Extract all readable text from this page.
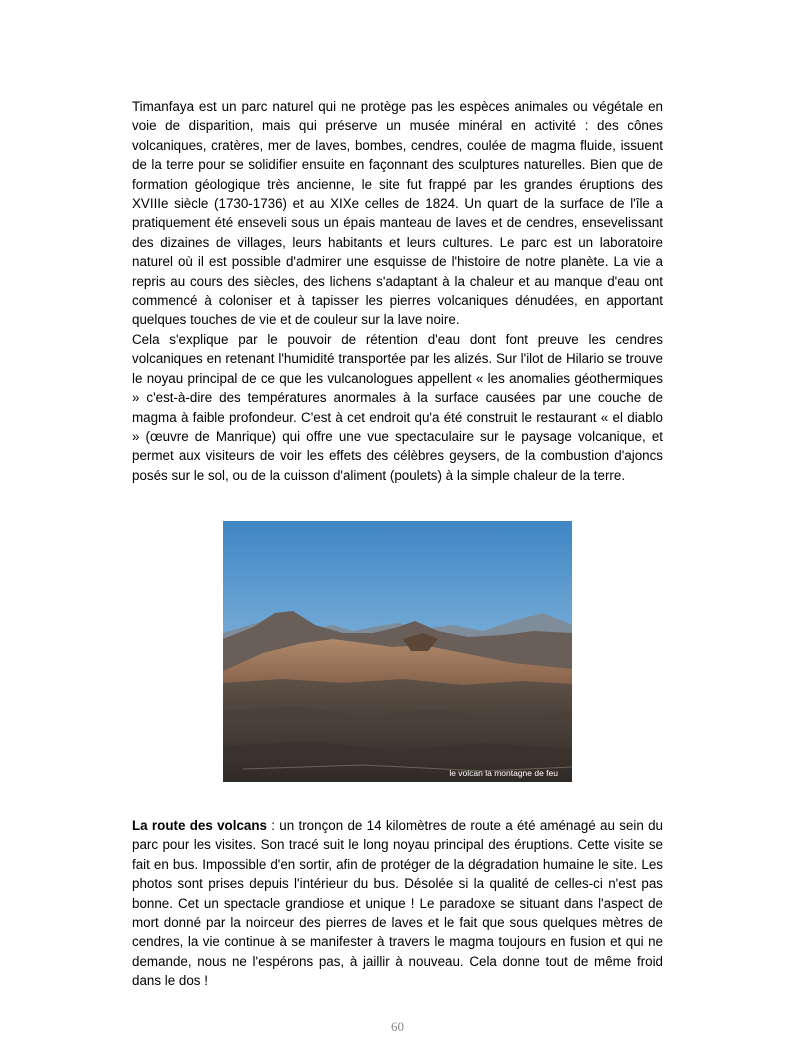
Timanfaya est un parc naturel qui ne protège pas les espèces animales ou végétale en voie de disparition, mais qui préserve un musée minéral en activité : des cônes volcaniques, cratères, mer de laves, bombes, cendres, coulée de magma fluide, issuent de la terre pour se solidifier ensuite en façonnant des sculptures naturelles. Bien que de formation géologique très ancienne, le site fut frappé par les grandes éruptions des XVIIIe siècle (1730-1736) et au XIXe celles de 1824. Un quart de la surface de l'île a pratiquement été enseveli sous un épais manteau de laves et de cendres, ensevelissant des dizaines de villages, leurs habitants et leurs cultures. Le parc est un laboratoire naturel où il est possible d'admirer une esquisse de l'histoire de notre planète. La vie a repris au cours des siècles, des lichens s'adaptant à la chaleur et au manque d'eau ont commencé à coloniser et à tapisser les pierres volcaniques dénudées, en apportant quelques touches de vie et de couleur sur la lave noire.

Cela s'explique par le pouvoir de rétention d'eau dont font preuve les cendres volcaniques en retenant l'humidité transportée par les alizés. Sur l'ilot de Hilario se trouve le noyau principal de ce que les vulcanologues appellent « les anomalies géothermiques » c'est-à-dire des températures anormales à la surface causées par une couche de magma à faible profondeur. C'est à cet endroit qu'a été construit le restaurant « el diablo » (œuvre de Manrique) qui offre une vue spectaculaire sur le paysage volcanique, et permet aux visiteurs de voir les effets des célèbres geysers, de la combustion d'ajoncs posés sur le sol, ou de la cuisson d'aliment (poulets) à la simple chaleur de la terre.

le volcan la montagne de feu

La route des volcans : un tronçon de 14 kilomètres de route a été aménagé au sein du parc pour les visites. Son tracé suit le long noyau principal des éruptions. Cette visite se fait en bus. Impossible d'en sortir, afin de protéger de la dégradation humaine le site. Les photos sont prises depuis l'intérieur du bus. Désolée si la qualité de celles-ci n'est pas bonne. Cet un spectacle grandiose et unique ! Le paradoxe se situant dans l'aspect de mort donné par la noirceur des pierres de laves et le fait que sous quelques mètres de cendres, la vie continue à se manifester à travers le magma toujours en fusion et qui ne demande, nous ne l'espérons pas, à jaillir à nouveau. Cela donne tout de même froid dans le dos !

60
